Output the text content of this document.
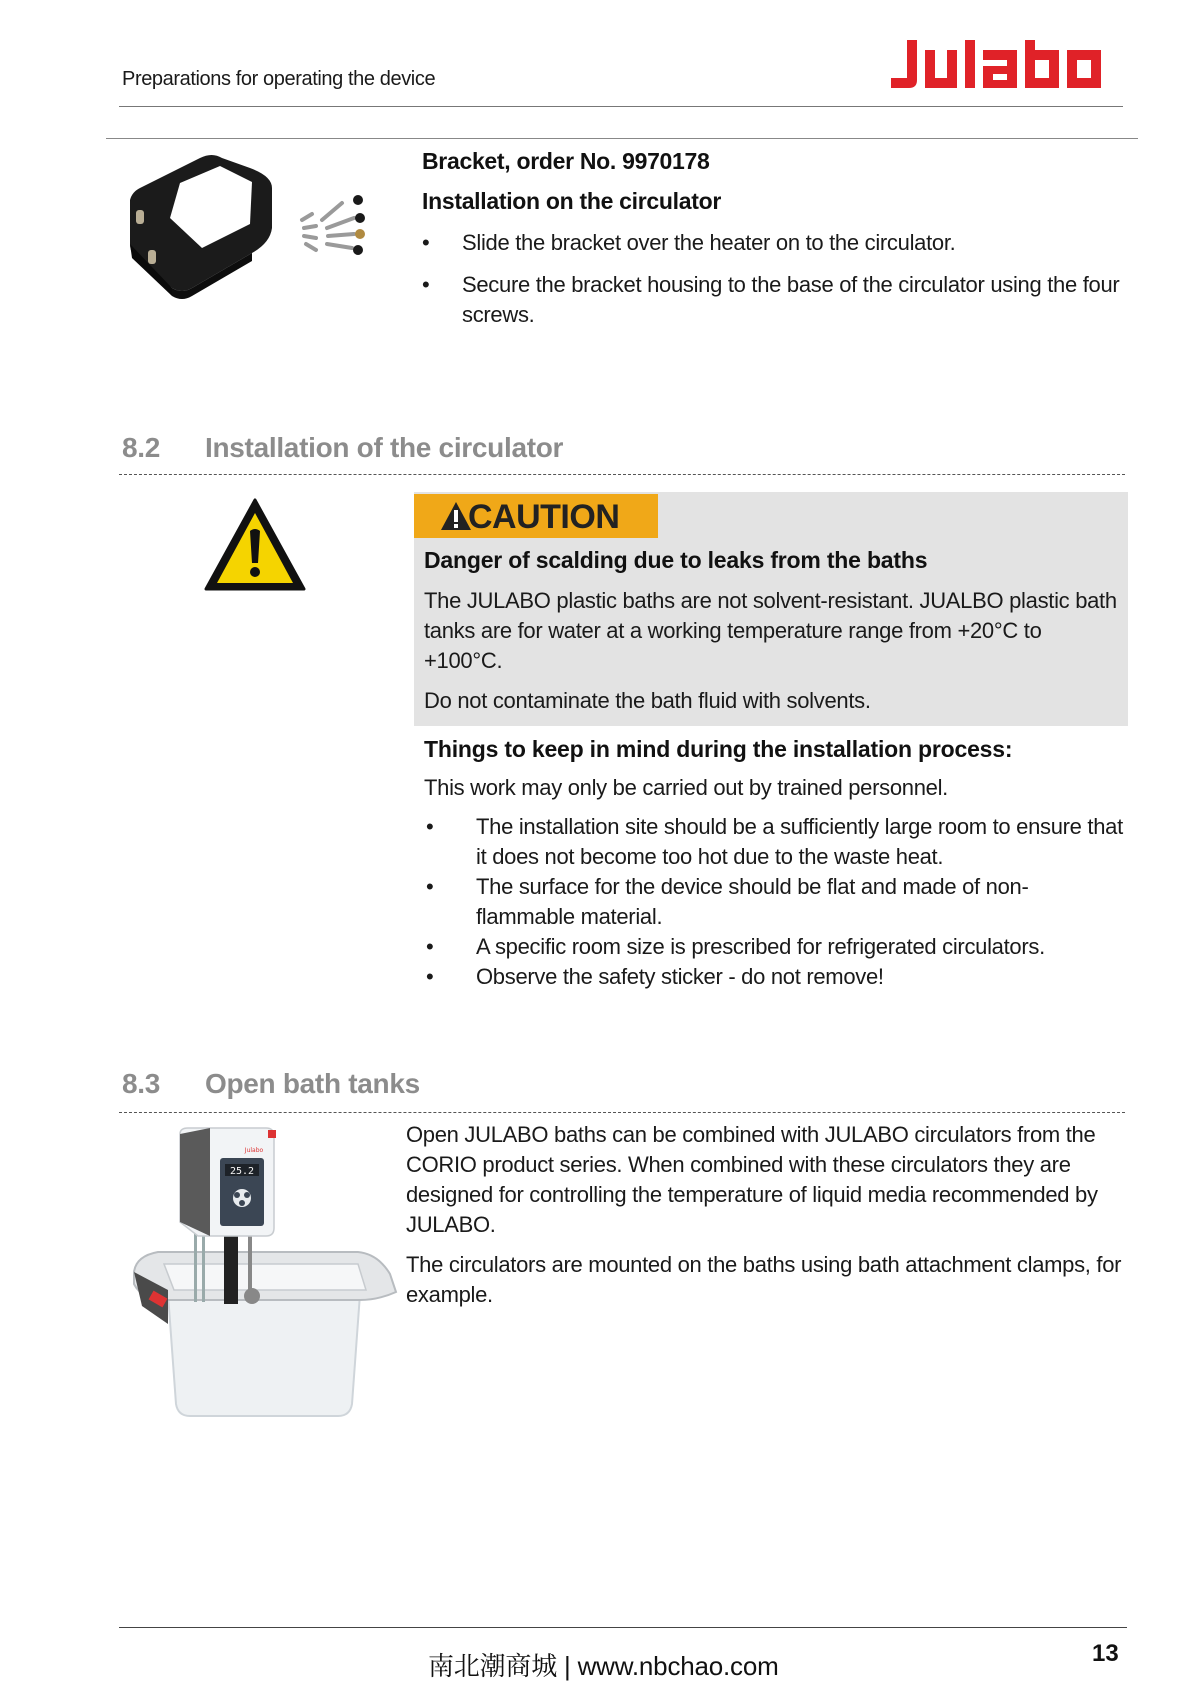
Preparations for operating the device
Bracket, order No. 9970178
Installation on the circulator
•	Slide the bracket over the heater on to the circulator.
•	Secure the bracket housing to the base of the circulator using the four screws.
8.2 Installation of the circulator
CAUTION
Danger of scalding due to leaks from the baths
The JULABO plastic baths are not solvent-resistant. JUALBO plastic bath tanks are for water at a working temperature range from +20°C to +100°C.
Do not contaminate the bath fluid with solvents.
Things to keep in mind during the installation process:
This work may only be carried out by trained personnel.
• The installation site should be a sufficiently large room to ensure that it does not become too hot due to the waste heat.
• The surface for the device should be flat and made of non-flammable material.
• A specific room size is prescribed for refrigerated circulators.
• Observe the safety sticker - do not remove!
8.3 Open bath tanks
25.2
Julabo
Open JULABO baths can be combined with JULABO circulators from the CORIO product series. When combined with these circulators they are designed for controlling the temperature of liquid media recommended by JULABO.
The circulators are mounted on the baths using bath attachment clamps, for example.
南北潮商城 | www.nbchao.com	13
